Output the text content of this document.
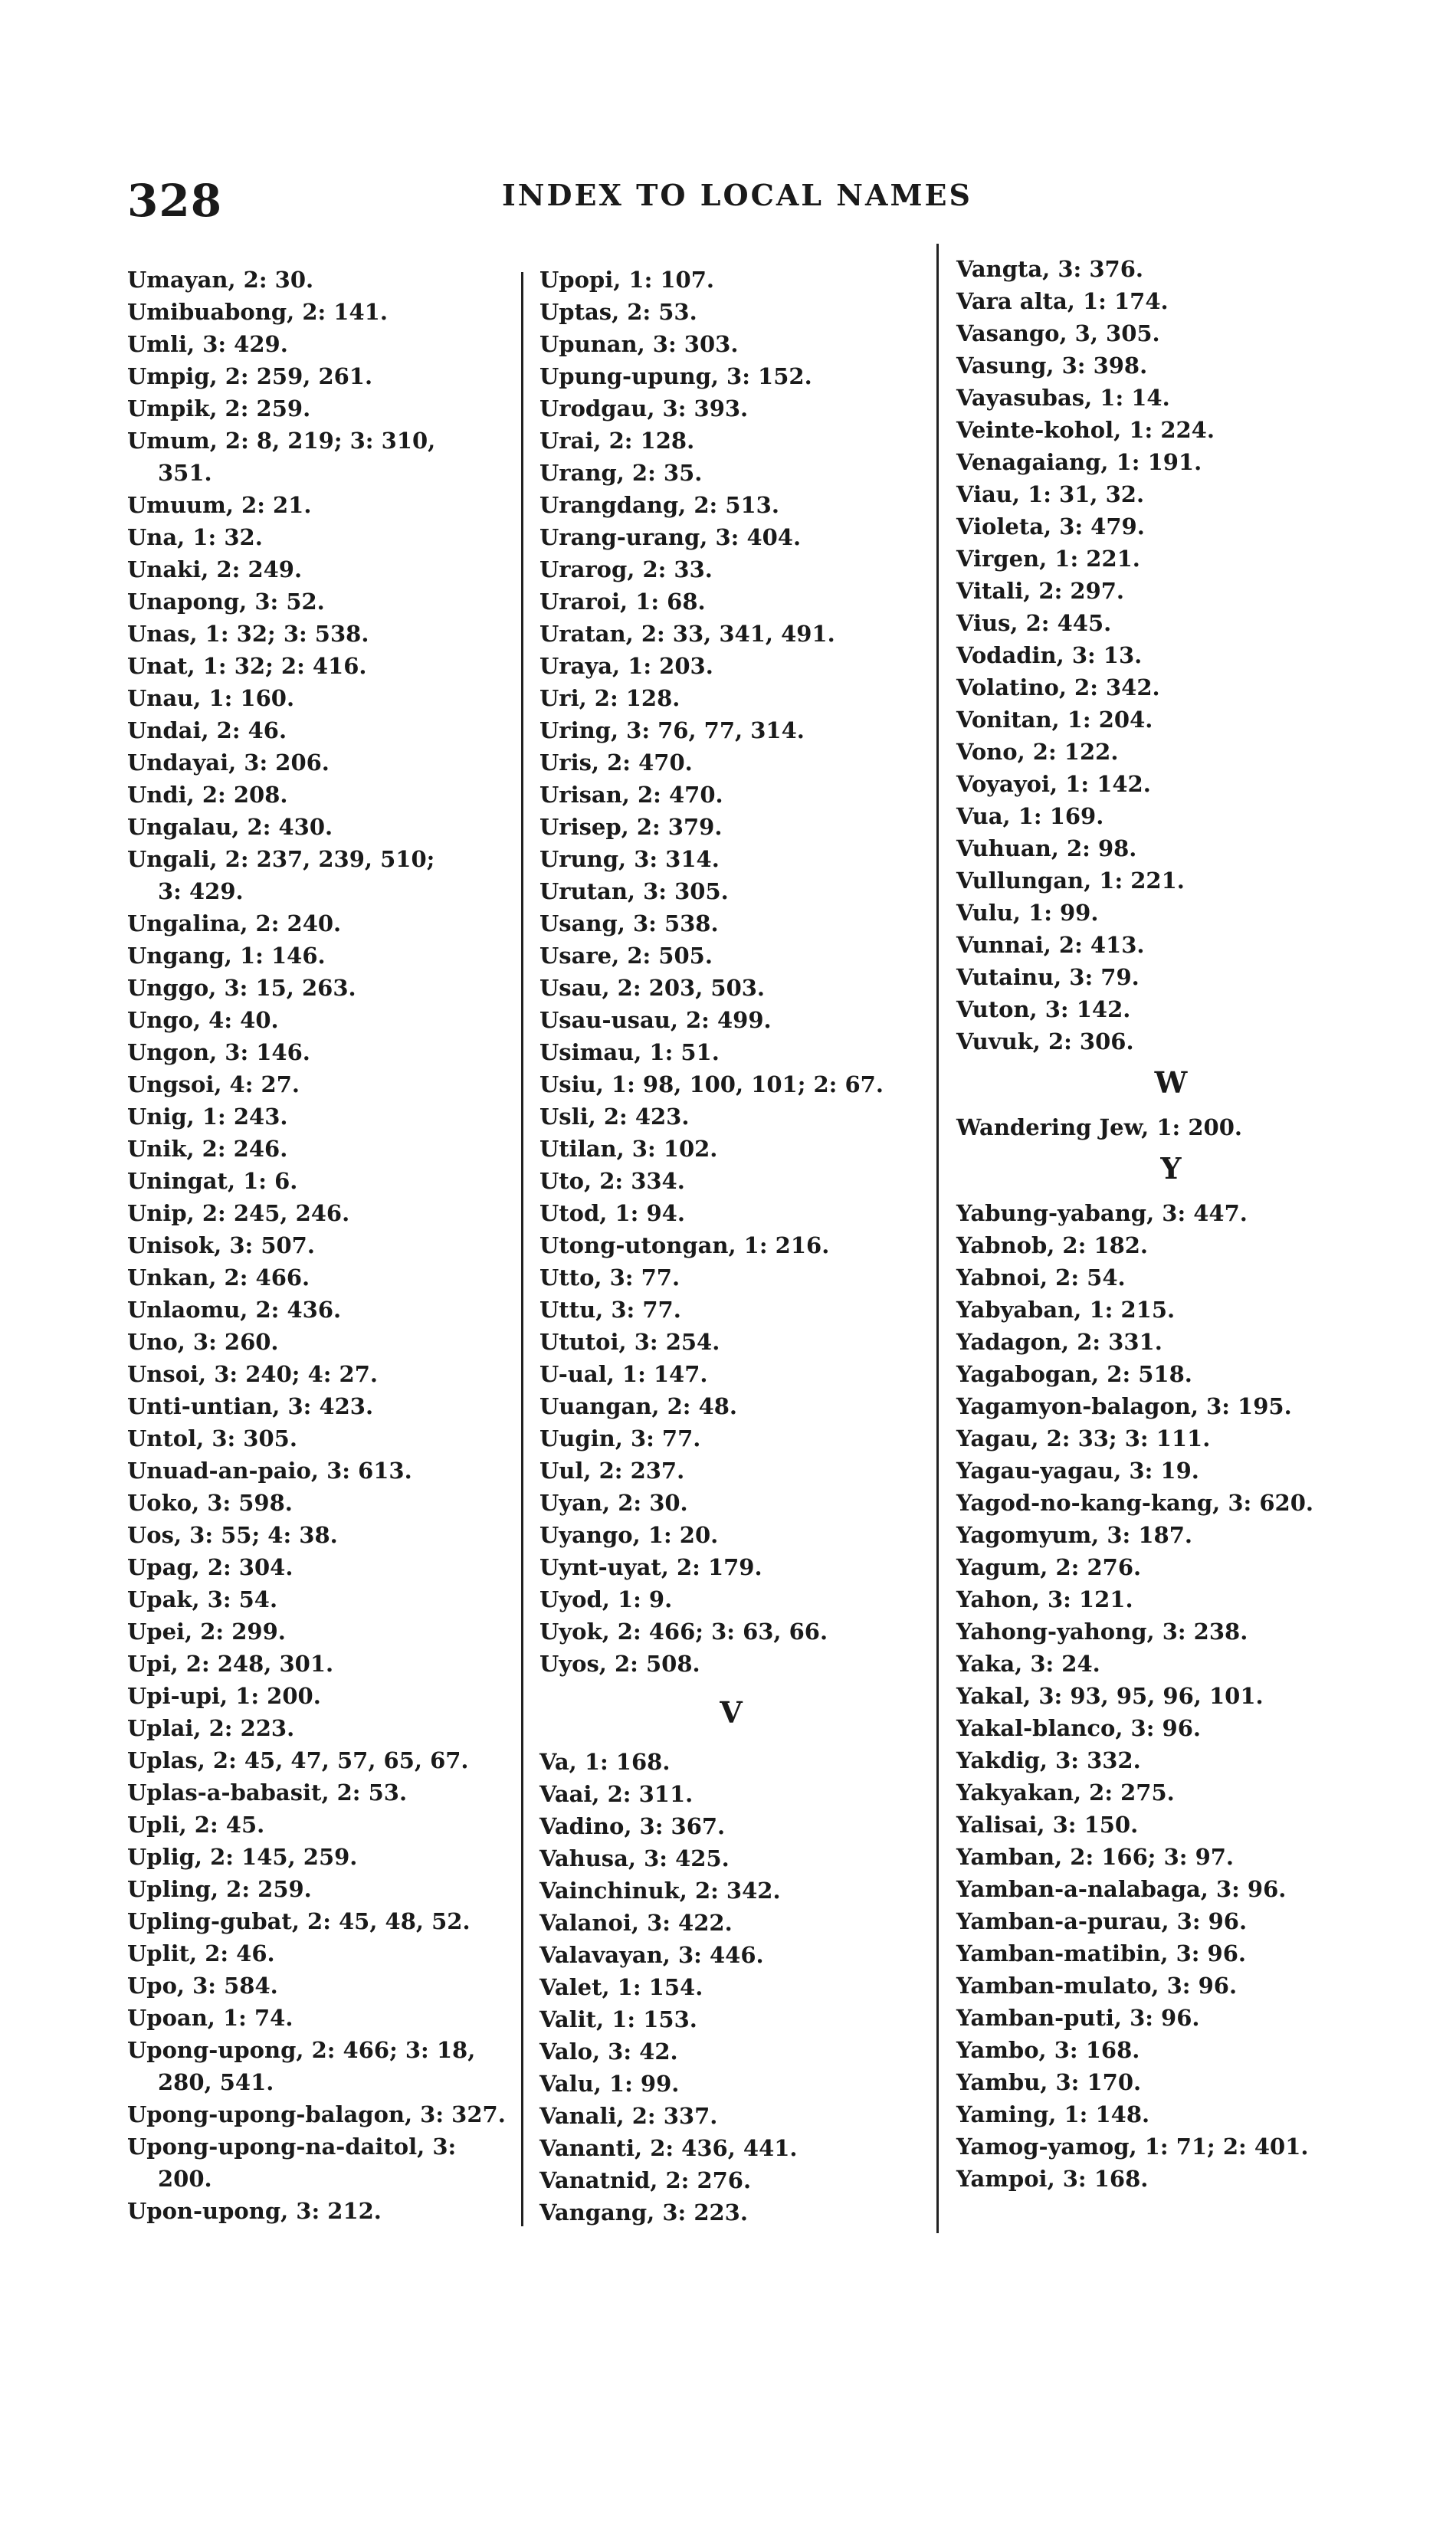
328	INDEX TO LOCAL NAMES
Umayan, 2: 30.
Umibuabong, 2: 141.
Umli, 3: 429.
Umpig, 2: 259, 261.
Umpik, 2: 259.
Umum, 2: 8, 219; 3: 310,
351.
Umuum, 2: 21.
Una, 1: 32.
Unaki, 2: 249.
Unapong, 3: 52.
Unas, 1: 32; 3: 538.
Unat, 1: 32; 2: 416.
Unau, 1: 160.
Undai, 2: 46.
Undayai, 3: 206.
Undi, 2: 208.
Ungalau, 2: 430.
Ungali, 2: 237, 239, 510;
3: 429.
Ungalina, 2: 240.
Ungang, 1: 146.
Unggo, 3: 15, 263.
Ungo, 4: 40.
Ungon, 3: 146.
Ungsoi, 4: 27.
Unig, 1: 243.
Unik, 2: 246.
Uningat, 1: 6.
Unip, 2: 245, 246.
Unisok, 3: 507.
Unkan, 2: 466.
Unlaomu, 2: 436.
Uno, 3: 260.
Unsoi, 3: 240; 4: 27.
Unti-untian, 3: 423.
Untol, 3: 305.
Unuad-an-paio, 3: 613.
Uoko, 3: 598.
Uos, 3: 55; 4: 38.
Upag, 2: 304.
Upak, 3: 54.
Upei, 2: 299.
Upi, 2: 248, 301.
Upi-upi, 1: 200.
Uplai, 2: 223.
Uplas, 2: 45, 47, 57, 65, 67.
Uplas-a-babasit, 2: 53.
Upli, 2: 45.
Uplig, 2: 145, 259.
Upling, 2: 259.
Upling-gubat, 2: 45, 48, 52.
Uplit, 2: 46.
Upo, 3: 584.
Upoan, 1: 74.
Upong-upong, 2: 466; 3: 18,
280, 541.
Upong-upong-balagon, 3: 327.
Upong-upong-na-daitol, 3:
200.
Upon-upong, 3: 212.
Upopi, 1: 107.
Uptas, 2: 53.
Upunan, 3: 303.
Upung-upung, 3: 152.
Urodgau, 3: 393.
Urai, 2: 128.
Urang, 2: 35.
Urangdang, 2: 513.
Urang-urang, 3: 404.
Urarog, 2: 33.
Uraroi, 1: 68.
Uratan, 2: 33, 341, 491.
Uraya, 1: 203.
Uri, 2: 128.
Uring, 3: 76, 77, 314.
Uris, 2: 470.
Urisan, 2: 470.
Urisep, 2: 379.
Urung, 3: 314.
Urutan, 3: 305.
Usang, 3: 538.
Usare, 2: 505.
Usau, 2: 203, 503.
Usau-usau, 2: 499.
Usimau, 1: 51.
Usiu, 1: 98, 100, 101; 2: 67.
Usli, 2: 423.
Utilan, 3: 102.
Uto, 2: 334.
Utod, 1: 94.
Utong-utongan, 1: 216.
Utto, 3: 77.
Uttu, 3: 77.
Ututoi, 3: 254.
U-ual, 1: 147.
Uuangan, 2: 48.
Uugin, 3: 77.
Uul, 2: 237.
Uyan, 2: 30.
Uyango, 1: 20.
Uynt-uyat, 2: 179.
Uyod, 1: 9.
Uyok, 2: 466; 3: 63, 66.
Uyos, 2: 508.
V
Va, 1: 168.
Vaai, 2: 311.
Vadino, 3: 367.
Vahusa, 3: 425.
Vainchinuk, 2: 342.
Valanoi, 3: 422.
Valavayan, 3: 446.
Valet, 1: 154.
Valit, 1: 153.
Valo, 3: 42.
Valu, 1: 99.
Vanali, 2: 337.
Vananti, 2: 436, 441.
Vanatnid, 2: 276.
Vangang, 3: 223.
Vangta, 3: 376.
Vara alta, 1: 174.
Vasango, 3, 305.
Vasung, 3: 398.
Vayasubas, 1: 14.
Veinte-kohol, 1: 224.
Venagaiang, 1: 191.
Viau, 1: 31, 32.
Violeta, 3: 479.
Virgen, 1: 221.
Vitali, 2: 297.
Vius, 2: 445.
Vodadin, 3: 13.
Volatino, 2: 342.
Vonitan, 1: 204.
Vono, 2: 122.
Voyayoi, 1: 142.
Vua, 1: 169.
Vuhuan, 2: 98.
Vullungan, 1: 221.
Vulu, 1: 99.
Vunnai, 2: 413.
Vutainu, 3: 79.
Vuton, 3: 142.
Vuvuk, 2: 306.
W
Wandering Jew, 1: 200.
Y
Yabung-yabang, 3: 447.
Yabnob, 2: 182.
Yabnoi, 2: 54.
Yabyaban, 1: 215.
Yadagon, 2: 331.
Yagabogan, 2: 518.
Yagamyon-balagon, 3: 195.
Yagau, 2: 33; 3: 111.
Yagau-yagau, 3: 19.
Yagod-no-kang-kang, 3: 620.
Yagomyum, 3: 187.
Yagum, 2: 276.
Yahon, 3: 121.
Yahong-yahong, 3: 238.
Yaka, 3: 24.
Yakal, 3: 93, 95, 96, 101.
Yakal-blanco, 3: 96.
Yakdig, 3: 332.
Yakyakan, 2: 275.
Yalisai, 3: 150.
Yamban, 2: 166; 3: 97.
Yamban-a-nalabaga, 3: 96.
Yamban-a-purau, 3: 96.
Yamban-matibin, 3: 96.
Yamban-mulato, 3: 96.
Yamban-puti, 3: 96.
Yambo, 3: 168.
Yambu, 3: 170.
Yaming, 1: 148.
Yamog-yamog, 1: 71; 2: 401.
Yampoi, 3: 168.
